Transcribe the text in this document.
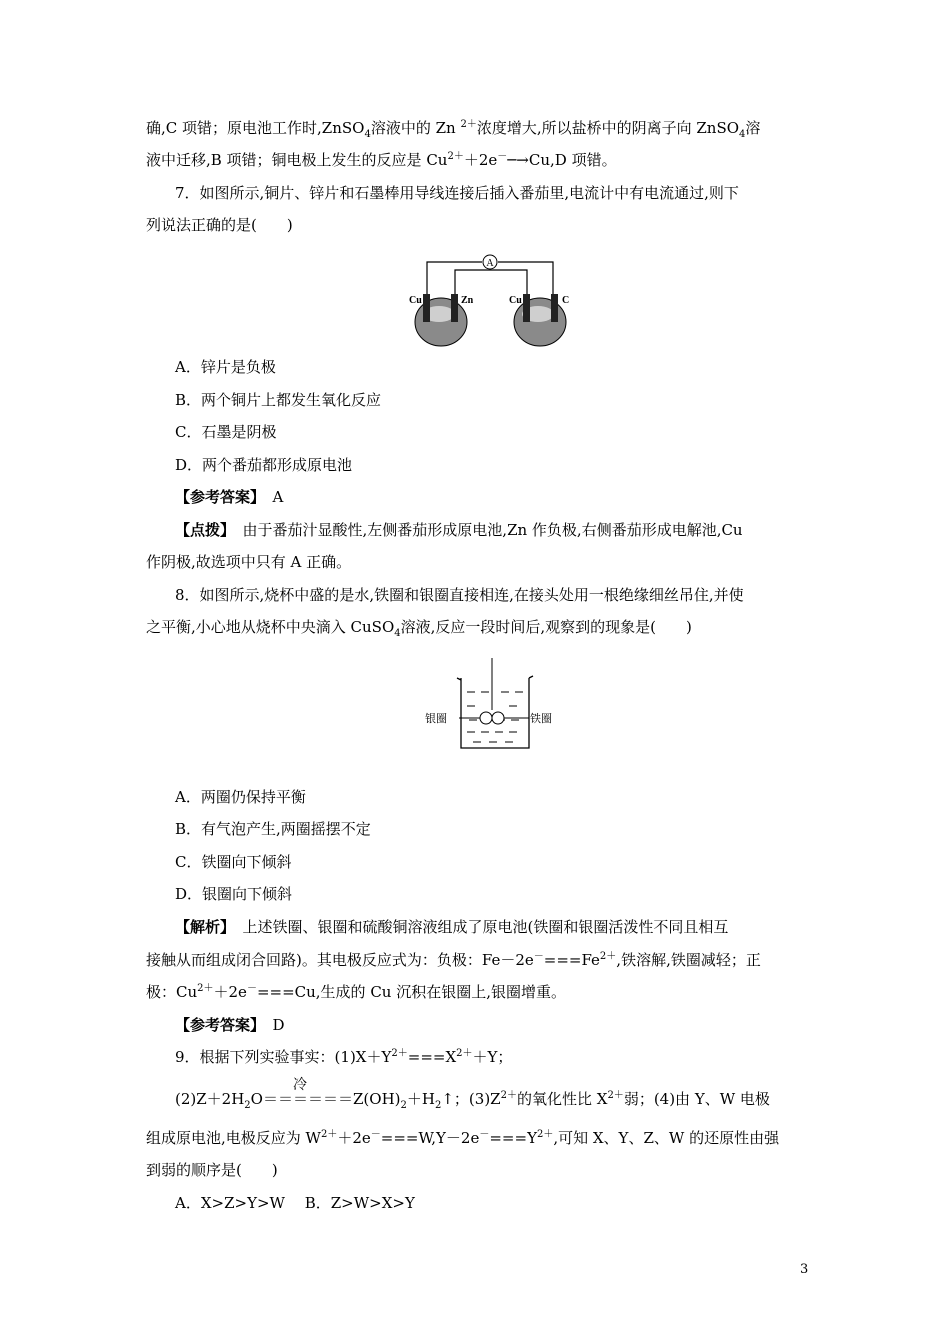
确,C 项错；原电池工作时,ZnSO$_4$溶液中的 Zn $^{2+}$浓度增大,所以盐桥中的阴离子向 ZnSO$_4$溶
液中迁移,B 项错；铜电极上发生的反应是 $Cu^{2+}+2e^-─\to Cu,D$ 项错。
7．如图所示,铜片、锌片和石墨棒用导线连接后插入番茄里,电流计中有电流通过,则下
列说法正确的是(　　)
A
Cu	Zn	Cu	C
A．锌片是负极
B．两个铜片上都发生氧化反应
C．石墨是阴极
D．两个番茄都形成原电池
【参考答案】　 A
【点拨】　 由于番茄汁显酸性,左侧番茄形成原电池,Zn 作负极,右侧番茄形成电解池,Cu
作阴极,故选项中只有 A 正确。
8．如图所示,烧杯中盛的是水,铁圈和银圈直接相连,在接头处用一根绝缘细丝吊住,并使
之平衡,小心地从烧杯中央滴入 CuSO$_4$溶液,反应一段时间后,观察到的现象是(　　)
银圈	铁圈
A．两圈仍保持平衡
B．有气泡产生,两圈摇摆不定
C．铁圈向下倾斜
D．银圈向下倾斜
【解析】　 上述铁圈、银圈和硫酸铜溶液组成了原电池(铁圈和银圈活泼性不同且相互
接触从而组成闭合回路)。其电极反应式为：负极：$Fe-2e^-===Fe^{2+}$,铁溶解,铁圈减轻；正
极：$Cu^{2+}+2e^-===Cu$,生成的 Cu 沉积在银圈上,银圈增重。
【参考答案】　 D
9．根据下列实验事实：$(1)X+Y^{2+}===X^{2+}+Y$；
$(2)Z+2H_2O==$
冷
$====Z(OH)_2+H_2↑$；$(3)Z^{2+}$的氧化性比 $X^{2+}$弱；(4)由 Y、W 电极
组成原电池,电极反应为 $W^{2+}+2e^-===W,Y-2e^-===Y^{2+}$,可知 X、Y、Z、W 的还原性由强
到弱的顺序是(　　)
A．X>Z>Y>W　 B．Z>W>X>Y
3
